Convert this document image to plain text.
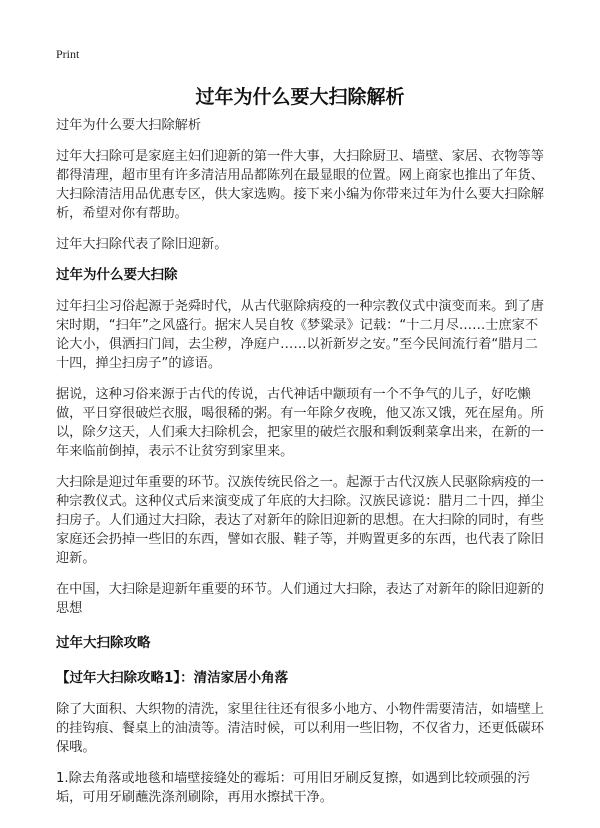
Print
过年为什么要大扫除解析

过年为什么要大扫除解析

过年大扫除可是家庭主妇们迎新的第一件大事，大扫除厨卫、墙壁、家居、衣物等等都得清理，超市里有许多清洁用品都陈列在最显眼的位置。网上商家也推出了年货、大扫除清洁用品优惠专区，供大家选购。接下来小编为你带来过年为什么要大扫除解析，希望对你有帮助。

过年大扫除代表了除旧迎新。

过年为什么要大扫除

过年扫尘习俗起源于尧舜时代，从古代驱除病疫的一种宗教仪式中演变而来。到了唐宋时期，“扫年”之风盛行。据宋人吴自牧《梦粱录》记载：“十二月尽……士庶家不论大小，俱洒扫门闾，去尘秽，净庭户……以祈新岁之安。”至今民间流行着“腊月二十四，掸尘扫房子”的谚语。

据说，这种习俗来源于古代的传说，古代神话中颛顼有一个不争气的儿子，好吃懒做，平日穿很破烂衣服，喝很稀的粥。有一年除夕夜晚，他又冻又饿，死在屋角。所以，除夕这天，人们乘大扫除机会，把家里的破烂衣服和剩饭剩菜拿出来，在新的一年来临前倒掉，表示不让贫穷到家里来。

大扫除是迎过年重要的环节。汉族传统民俗之一。起源于古代汉族人民驱除病疫的一种宗教仪式。这种仪式后来演变成了年底的大扫除。汉族民谚说：腊月二十四，掸尘扫房子。人们通过大扫除，表达了对新年的除旧迎新的思想。在大扫除的同时，有些家庭还会扔掉一些旧的东西，譬如衣服、鞋子等，并购置更多的东西，也代表了除旧迎新。

在中国，大扫除是迎新年重要的环节。人们通过大扫除，表达了对新年的除旧迎新的思想

过年大扫除攻略

【过年大扫除攻略1】：清洁家居小角落

除了大面积、大织物的清洗，家里往往还有很多小地方、小物件需要清洁，如墙壁上的挂钩痕、餐桌上的油渍等。清洁时候，可以利用一些旧物，不仅省力，还更低碳环保哦。

1.除去角落或地毯和墙壁接缝处的霉垢：可用旧牙刷反复擦，如遇到比较顽强的污垢，可用牙刷蘸洗涤剂刷除，再用水擦拭干净。
